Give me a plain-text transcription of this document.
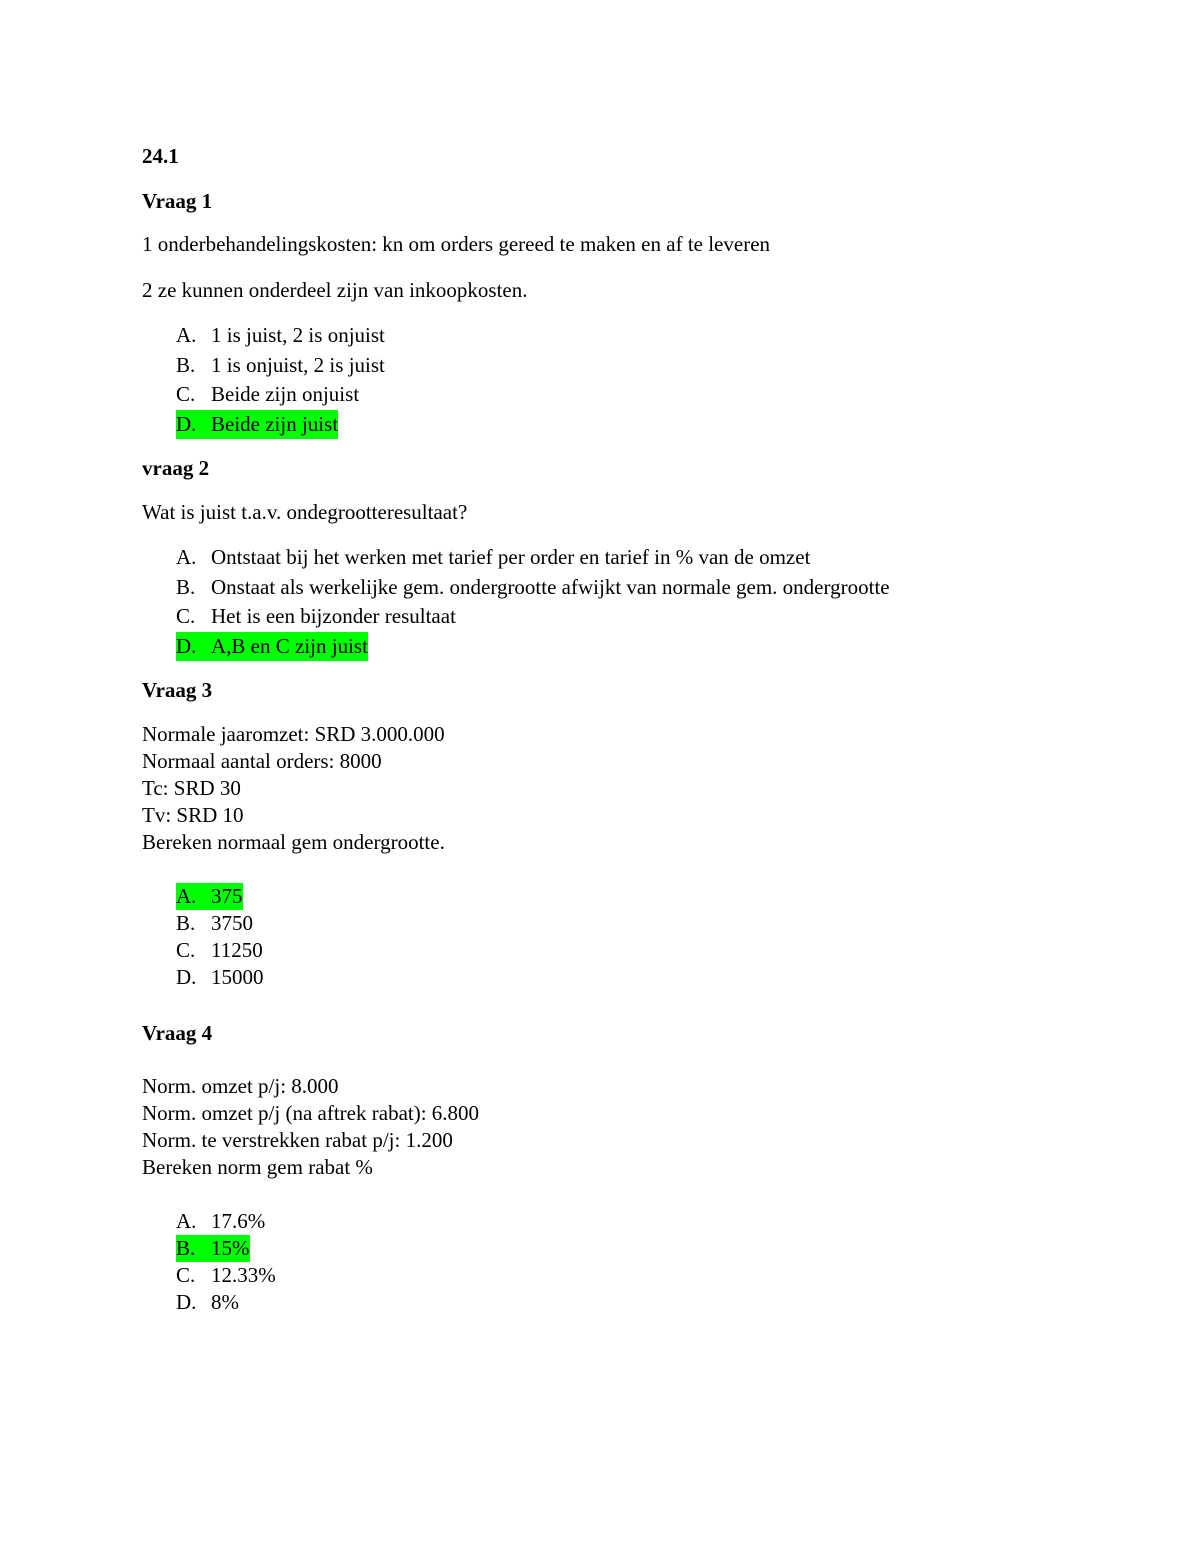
24.1
Vraag 1
1 onderbehandelingskosten: kn om orders gereed te maken en af te leveren
2 ze kunnen onderdeel zijn van inkoopkosten.
A. 1 is juist, 2 is onjuist
B. 1 is onjuist, 2 is juist
C. Beide zijn onjuist
D. Beide zijn juist
vraag 2
Wat is juist t.a.v. ondegrootteresultaat?
A. Ontstaat bij het werken met tarief per order en tarief in % van de omzet
B. Onstaat als werkelijke gem. ondergrootte afwijkt van normale gem. ondergrootte
C. Het is een bijzonder resultaat
D. A,B en C zijn juist
Vraag 3
Normale jaaromzet: SRD 3.000.000
Normaal aantal orders: 8000
Tc: SRD 30
Tv: SRD 10
Bereken normaal gem ondergrootte.
A. 375
B. 3750
C. 11250
D. 15000
Vraag 4
Norm. omzet p/j: 8.000
Norm. omzet p/j (na aftrek rabat): 6.800
Norm. te verstrekken rabat p/j: 1.200
Bereken norm gem rabat %
A. 17.6%
B. 15%
C. 12.33%
D. 8%
